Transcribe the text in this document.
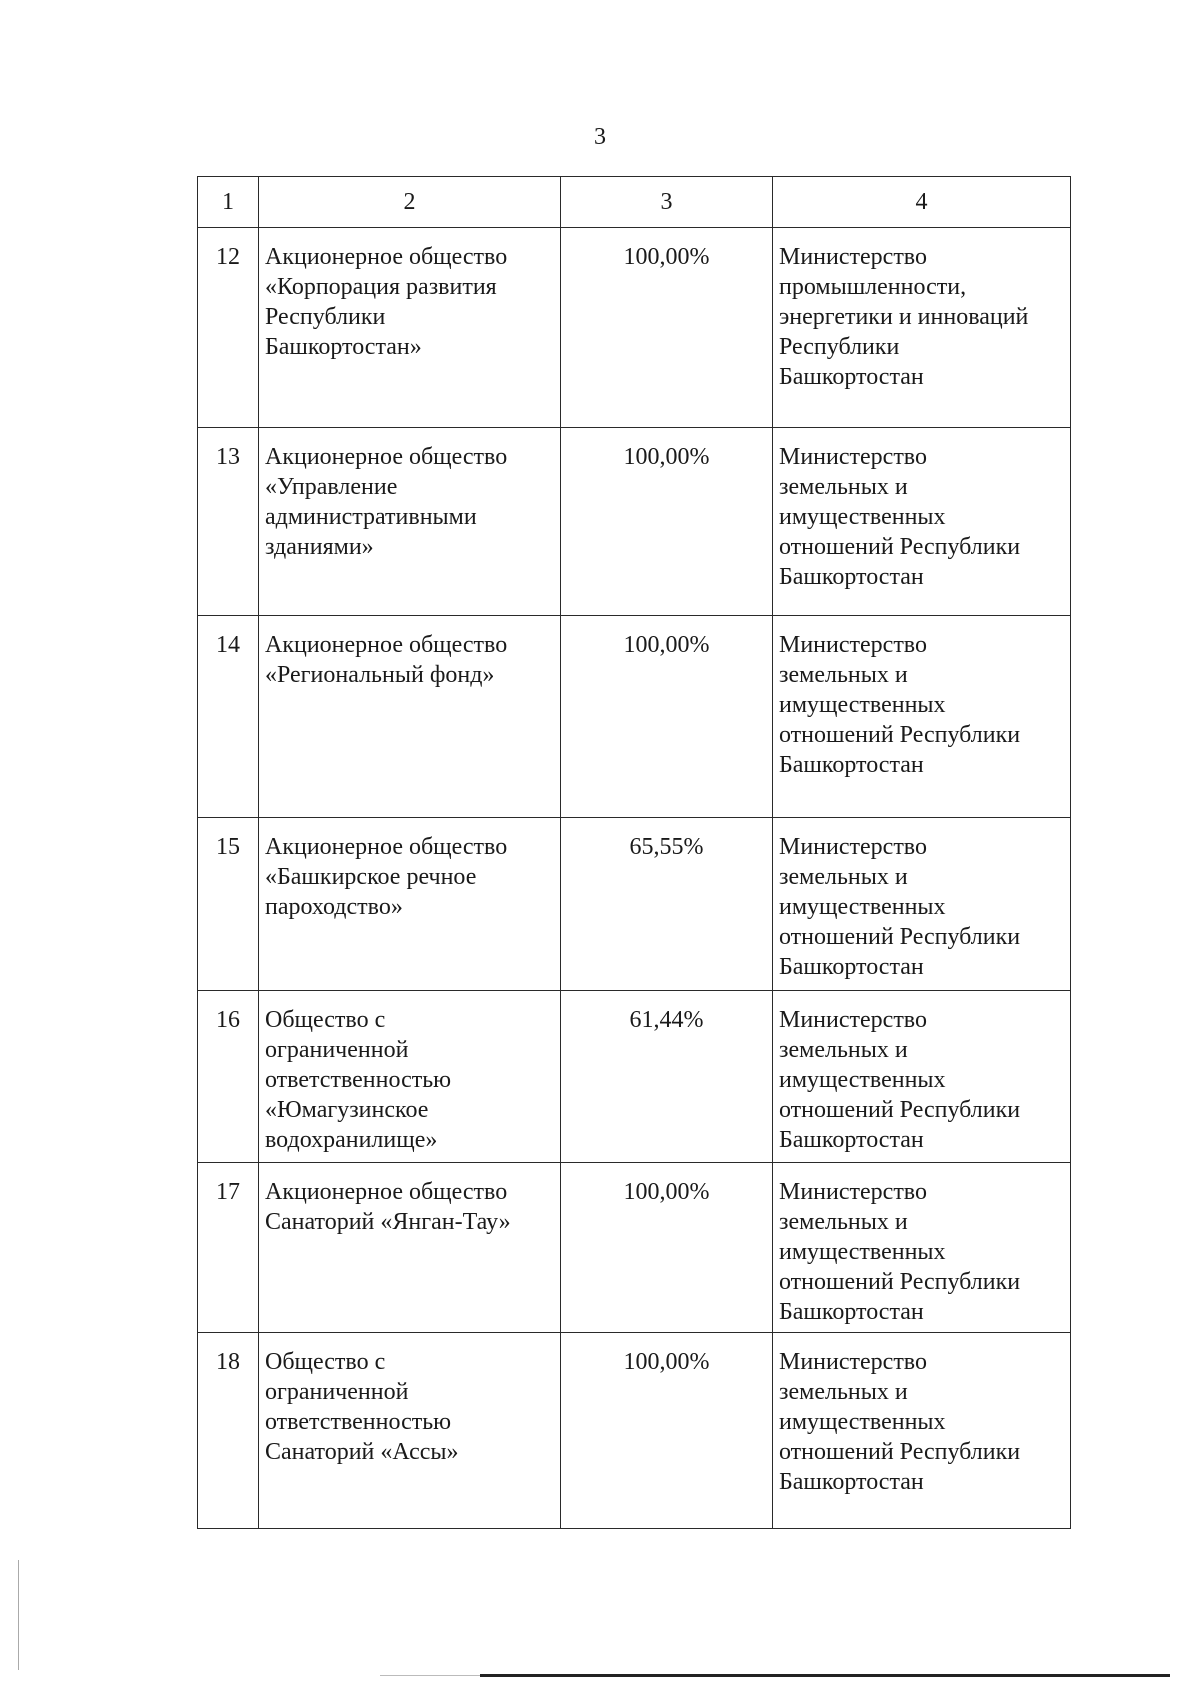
3
1	2	3	4

12	Акционерное общество
«Корпорация развития
Республики
Башкортостан»	100,00%	Министерство
промышленности,
энергетики и инноваций
Республики
Башкортостан

13	Акционерное общество
«Управление
административными
зданиями»	100,00%	Министерство
земельных и
имущественных
отношений Республики
Башкортостан

14	Акционерное общество
«Региональный фонд»	100,00%	Министерство
земельных и
имущественных
отношений Республики
Башкортостан

15	Акционерное общество
«Башкирское речное
пароходство»	65,55%	Министерство
земельных и
имущественных
отношений Республики
Башкортостан

16	Общество с
ограниченной
ответственностью
«Юмагузинское
водохранилище»	61,44%	Министерство
земельных и
имущественных
отношений Республики
Башкортостан

17	Акционерное общество
Санаторий «Янган-Тау»	100,00%	Министерство
земельных и
имущественных
отношений Республики
Башкортостан

18	Общество с
ограниченной
ответственностью
Санаторий «Ассы»	100,00%	Министерство
земельных и
имущественных
отношений Республики
Башкортостан
